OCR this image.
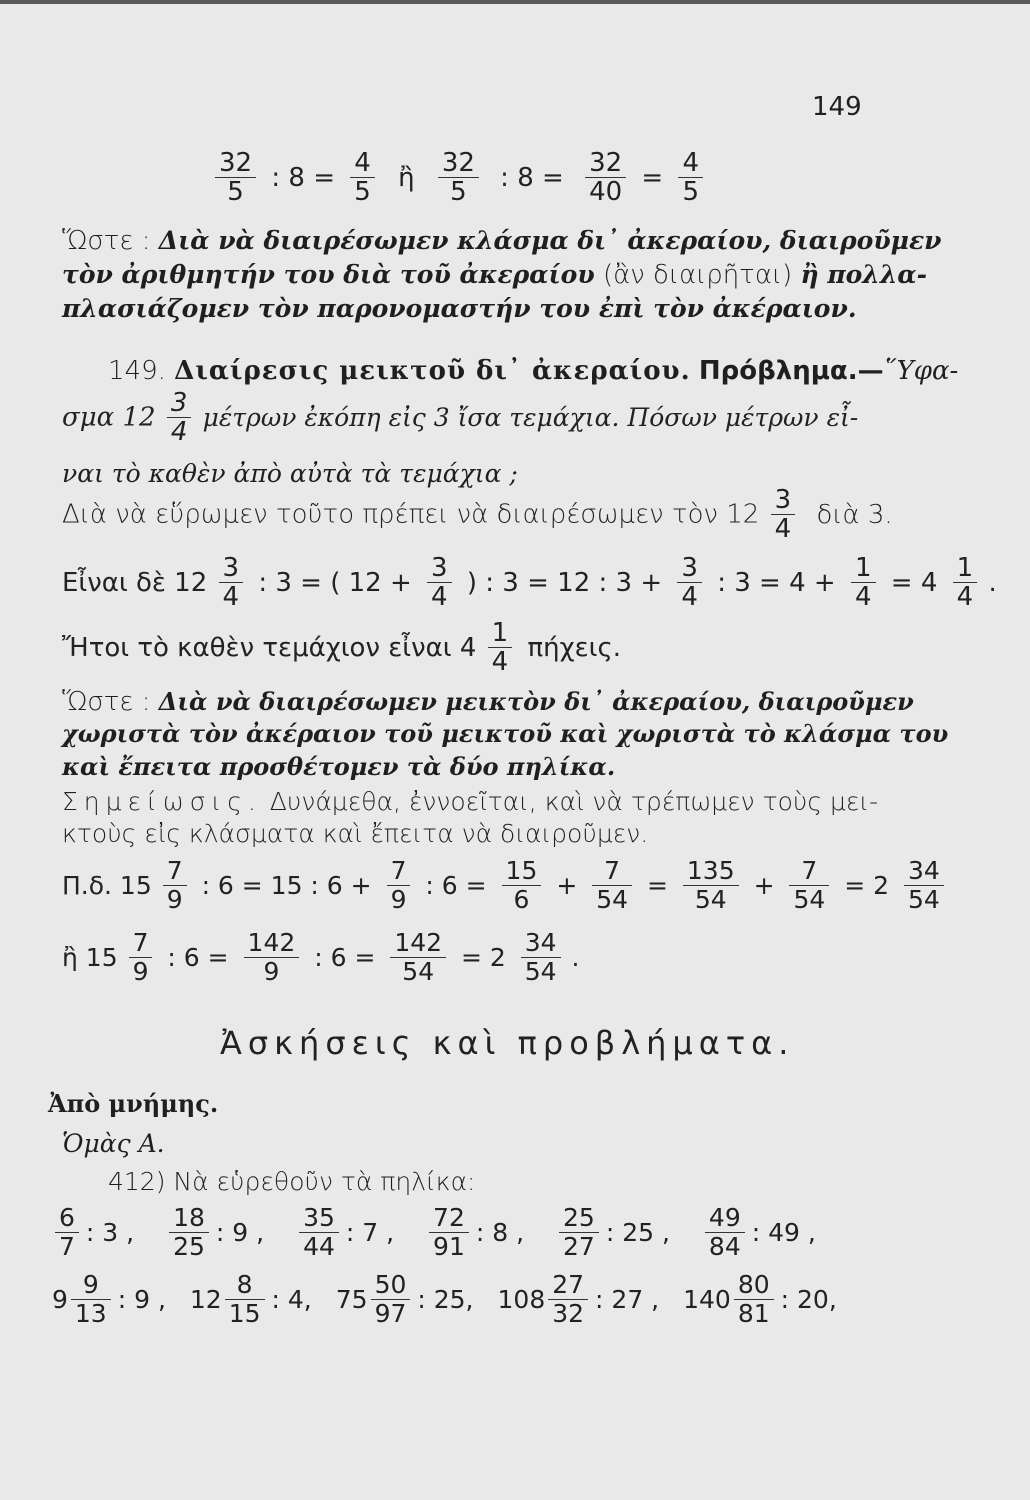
149
$\frac{32}{5}$ : $8 = \frac{4}{5}$ ἢ $\frac{32}{5}$ : $8 = \frac{32}{40} = \frac{4}{5}$
Ὥστε : Διὰ νὰ διαιρέσωμεν κλάσμα δι᾿ ἀκεραίου, διαιροῦμεν
τὸν ἀριθμητήν του διὰ τοῦ ἀκεραίου (ἂν διαιρῆται) ἢ πολλα-
πλασιάζομεν τὸν παρονομαστήν του ἐπὶ τὸν ἀκέραιον.
149. Διαίρεσις μεικτοῦ δι᾿ ἀκεραίου. Πρόβλημα.—῞Υφα-
σμα $12 \frac{3}{4}$ μέτρων ἐκόπη εἰς 3 ἴσα τεμάχια. Πόσων μέτρων εἶ-
ναι τὸ καθὲν ἀπὸ αὐτὰ τὰ τεμάχια ;
Διὰ νὰ εὕρωμεν τοῦτο πρέπει νὰ διαιρέσωμεν τὸν $12 \frac{3}{4}$ διὰ 3.
Εἶναι δὲ $12 \frac{3}{4}$ : 3 = ( $12 + \frac{3}{4}$ ) : 3 = 12 : $3 + \frac{3}{4}$ : $3 = 4 + \frac{1}{4} = 4 \frac{1}{4}$ .
Ἤτοι τὸ καθὲν τεμάχιον εἶναι $4 \frac{1}{4} \pi ή\chi\varepsilon\iota\varsigma$.
Ὥστε : Διὰ νὰ διαιρέσωμεν μεικτὸν δι᾿ ἀκεραίου, διαιροῦμεν
χωριστὰ τὸν ἀκέραιον τοῦ μεικτοῦ καὶ χωριστὰ τὸ κλάσμα του
καὶ ἔπειτα προσθέτομεν τὰ δύο πηλίκα.
Σημείωσις. Δυνάμεθα, ἐννοεῖται, καὶ νὰ τρέπωμεν τοὺς μει-
κτοὺς εἰς κλάσματα καὶ ἔπειτα νὰ διαιροῦμεν.
Π.δ. $15 \frac{7}{9}$ : 6 = 15 : $6 + \frac{7}{9}$ : $6 = \frac{15}{6} + \frac{7}{54} = \frac{135}{54} + \frac{7}{54} = 2 \frac{34}{54}$
ἢ $15 \frac{7}{9}$ : $6 = \frac{142}{9}$ : $6 = \frac{142}{54} = 2 \frac{34}{54}$ .
Ἀσκήσεις καὶ προβλήματα.
Ἀπὸ μνήμης.
Ὁμὰς Α.
412) Νὰ εὑρεθοῦν τὰ πηλίκα:
$\frac{6}{7}$ : 3 , $\frac{18}{25}$ : 9 , $\frac{35}{44}$ : 7 , $\frac{72}{91}$ : 8 , $\frac{25}{27}$ : 25 , $\frac{49}{84}$ : 49 ,
$9 \frac{9}{13}$ : 9 , $12 \frac{8}{15}$ : 4, $75 \frac{50}{97}$ : 25, $108 \frac{27}{32}$ : 27 , $140 \frac{80}{81}$ : 20,
